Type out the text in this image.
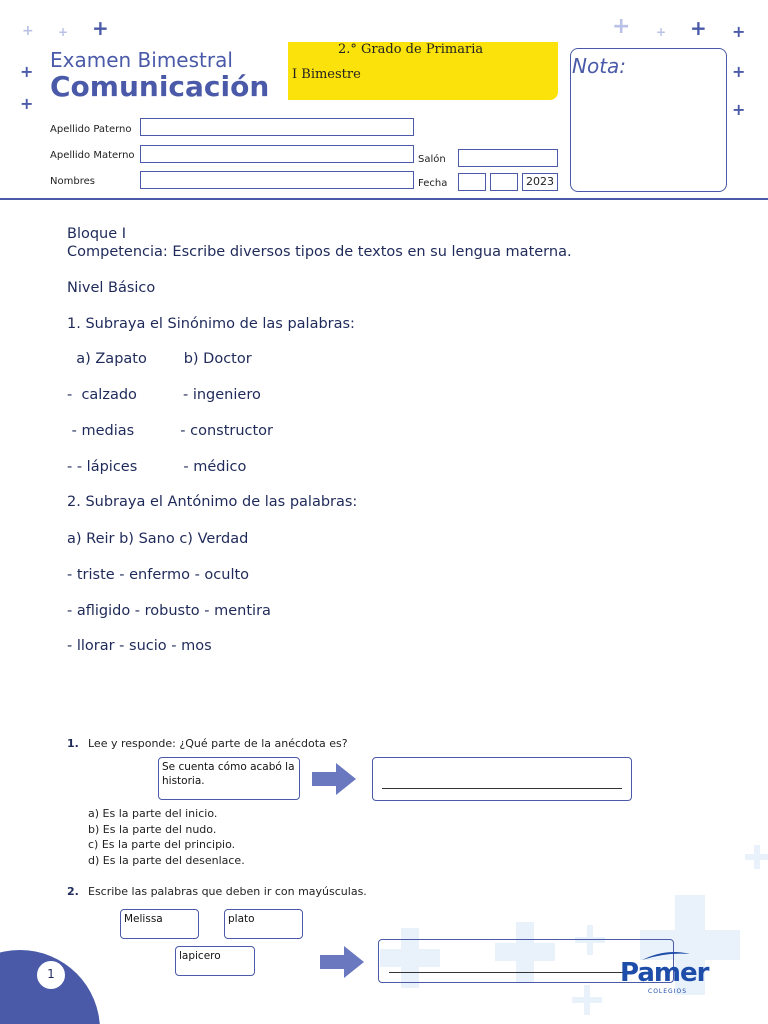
+ + +
+
+
+ + + +
+
+
Examen Bimestral
Comunicación
2.° Grado de Primaria
I Bimestre	Nota:
Apellido Paterno
Apellido Materno
Nombres
Salón
Fecha	2023
Bloque I
Competencia: Escribe diversos tipos de textos en su lengua materna.
Nivel Básico
1. Subraya el Sinónimo de las palabras:
a) Zapato        b) Doctor
-  calzado          - ingeniero
- medias          - constructor
- - lápices          - médico
2. Subraya el Antónimo de las palabras:
a) Reir b) Sano c) Verdad
- triste - enfermo - oculto
- afligido - robusto - mentira
- llorar - sucio - mos
1. Lee y responde: ¿Qué parte de la anécdota es?
Se cuenta cómo acabó la historia.
a) Es la parte del inicio.
b) Es la parte del nudo.
c) Es la parte del principio.
d) Es la parte del desenlace.
2. Escribe las palabras que deben ir con mayúsculas.
Melissa	plato
lapicero
1	Pamer
COLEGIOS
